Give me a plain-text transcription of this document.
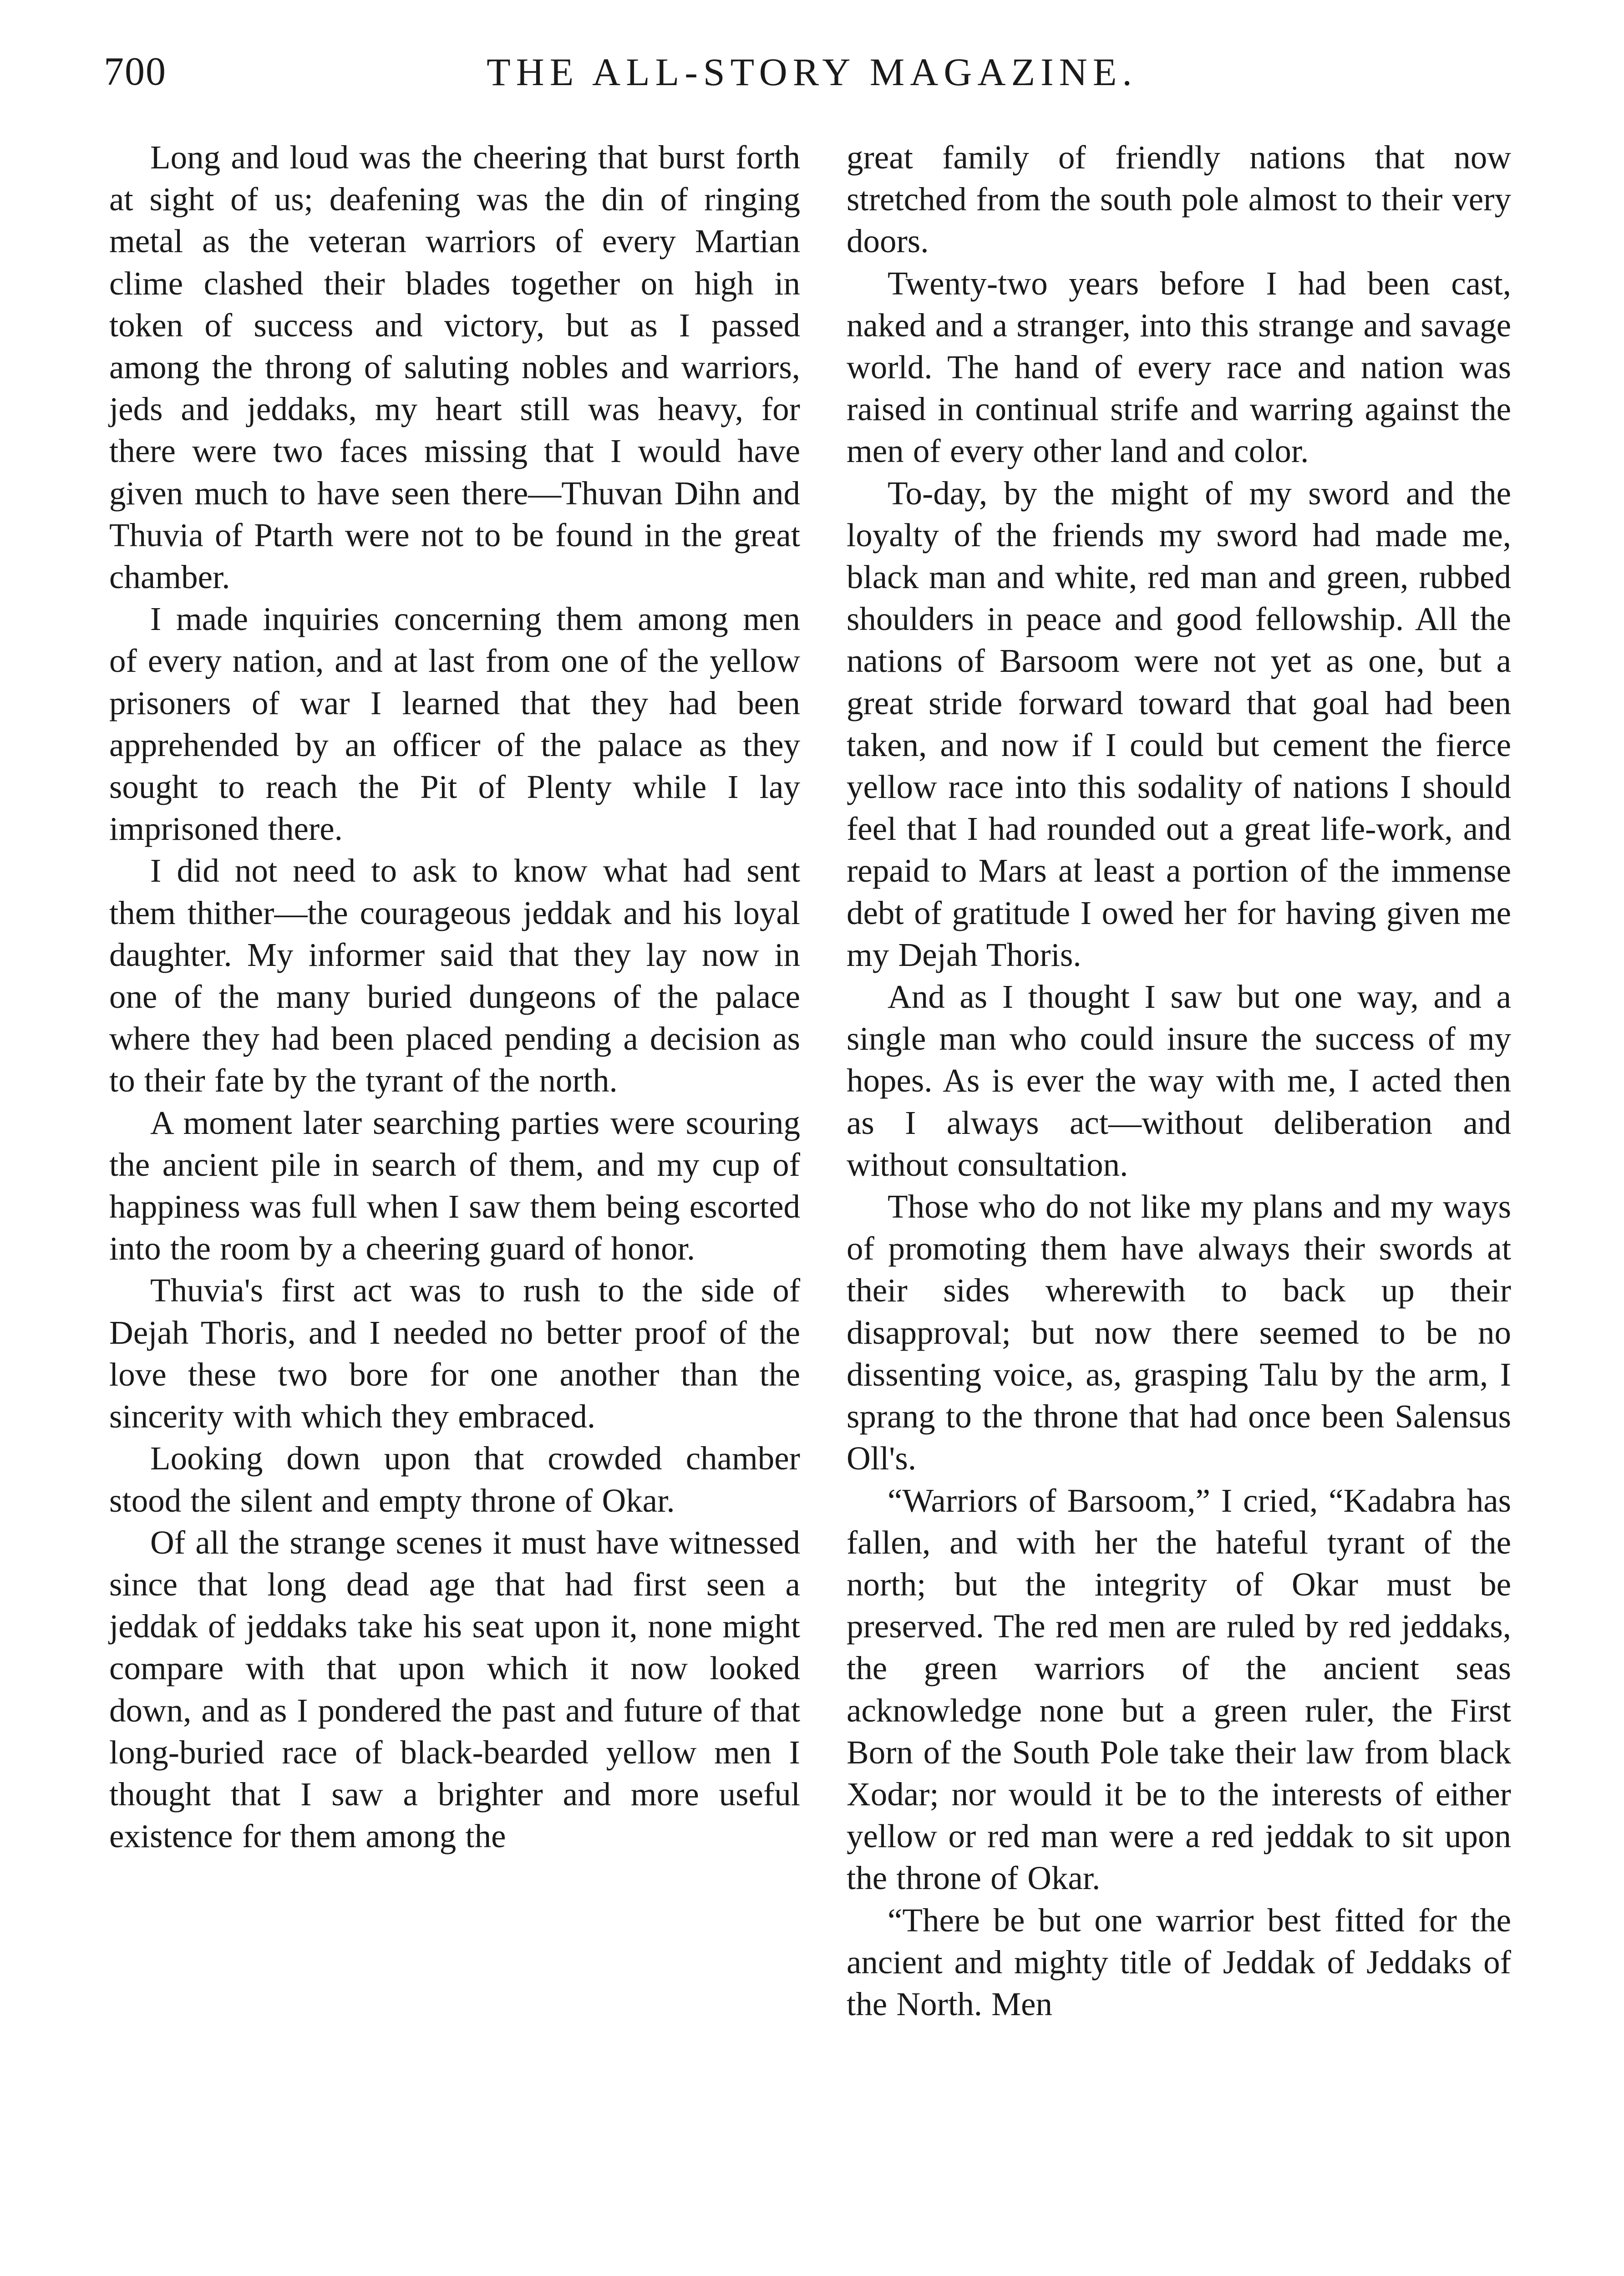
700	THE ALL-STORY MAGAZINE.

Long and loud was the cheering that burst forth at sight of us; deafening was the din of ringing metal as the veteran warriors of every Martian clime clashed their blades together on high in token of success and victory, but as I passed among the throng of saluting nobles and warriors, jeds and jeddaks, my heart still was heavy, for there were two faces missing that I would have given much to have seen there—Thuvan Dihn and Thuvia of Ptarth were not to be found in the great chamber.

I made inquiries concerning them among men of every nation, and at last from one of the yellow prisoners of war I learned that they had been apprehended by an officer of the palace as they sought to reach the Pit of Plenty while I lay imprisoned there.

I did not need to ask to know what had sent them thither—the courageous jeddak and his loyal daughter. My informer said that they lay now in one of the many buried dungeons of the palace where they had been placed pending a decision as to their fate by the tyrant of the north.

A moment later searching parties were scouring the ancient pile in search of them, and my cup of happiness was full when I saw them being escorted into the room by a cheering guard of honor.

Thuvia's first act was to rush to the side of Dejah Thoris, and I needed no better proof of the love these two bore for one another than the sincerity with which they embraced.

Looking down upon that crowded chamber stood the silent and empty throne of Okar.

Of all the strange scenes it must have witnessed since that long dead age that had first seen a jeddak of jeddaks take his seat upon it, none might compare with that upon which it now looked down, and as I pondered the past and future of that long-buried race of black-bearded yellow men I thought that I saw a brighter and more useful existence for them among the

great family of friendly nations that now stretched from the south pole almost to their very doors.

Twenty-two years before I had been cast, naked and a stranger, into this strange and savage world. The hand of every race and nation was raised in continual strife and warring against the men of every other land and color.

To-day, by the might of my sword and the loyalty of the friends my sword had made me, black man and white, red man and green, rubbed shoulders in peace and good fellowship. All the nations of Barsoom were not yet as one, but a great stride forward toward that goal had been taken, and now if I could but cement the fierce yellow race into this sodality of nations I should feel that I had rounded out a great life-work, and repaid to Mars at least a portion of the immense debt of gratitude I owed her for having given me my Dejah Thoris.

And as I thought I saw but one way, and a single man who could insure the success of my hopes. As is ever the way with me, I acted then as I always act—without deliberation and without consultation.

Those who do not like my plans and my ways of promoting them have always their swords at their sides wherewith to back up their disapproval; but now there seemed to be no dissenting voice, as, grasping Talu by the arm, I sprang to the throne that had once been Salensus Oll's.

“Warriors of Barsoom,” I cried, “Kadabra has fallen, and with her the hateful tyrant of the north; but the integrity of Okar must be preserved. The red men are ruled by red jeddaks, the green warriors of the ancient seas acknowledge none but a green ruler, the First Born of the South Pole take their law from black Xodar; nor would it be to the interests of either yellow or red man were a red jeddak to sit upon the throne of Okar.

“There be but one warrior best fitted for the ancient and mighty title of Jeddak of Jeddaks of the North. Men
